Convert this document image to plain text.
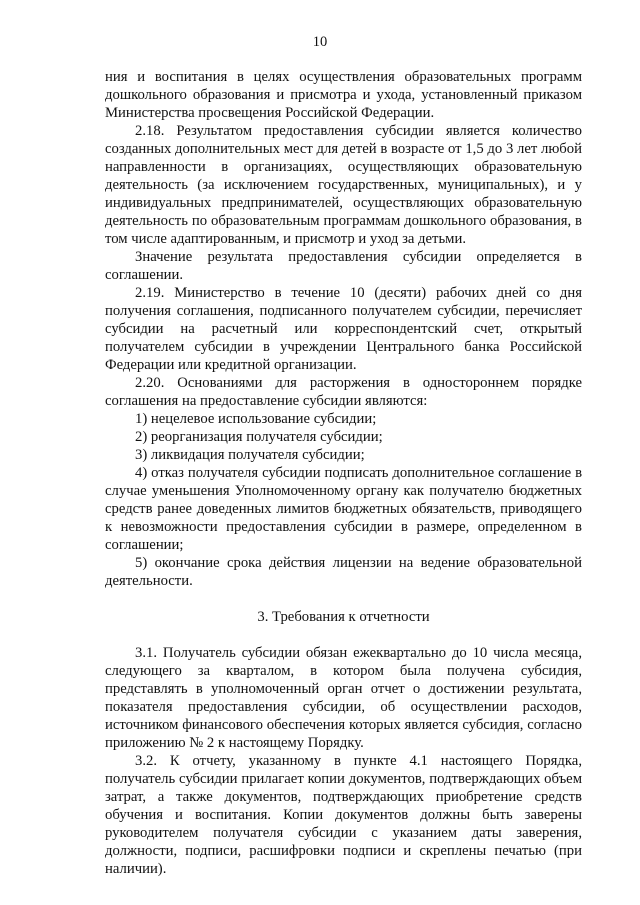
10

ния и воспитания в целях осуществления образовательных программ дошкольного образования и присмотра и ухода, установленный приказом Министерства просвещения Российской Федерации.

2.18. Результатом предоставления субсидии является количество созданных дополнительных мест для детей в возрасте от 1,5 до 3 лет любой направленности в организациях, осуществляющих образовательную деятельность (за исключением государственных, муниципальных), и у индивидуальных предпринимателей, осуществляющих образовательную деятельность по образовательным программам дошкольного образования, в том числе адаптированным, и присмотр и уход за детьми.

Значение результата предоставления субсидии определяется в соглашении.

2.19. Министерство в течение 10 (десяти) рабочих дней со дня получения соглашения, подписанного получателем субсидии, перечисляет субсидии на расчетный или корреспондентский счет, открытый получателем субсидии в учреждении Центрального банка Российской Федерации или кредитной организации.

2.20. Основаниями для расторжения в одностороннем порядке соглашения на предоставление субсидии являются:

1) нецелевое использование субсидии;

2) реорганизация получателя субсидии;

3) ликвидация получателя субсидии;

4) отказ получателя субсидии подписать дополнительное соглашение в случае уменьшения Уполномоченному органу как получателю бюджетных средств ранее доведенных лимитов бюджетных обязательств, приводящего к невозможности предоставления субсидии в размере, определенном в соглашении;

5) окончание срока действия лицензии на ведение образовательной деятельности.

3. Требования к отчетности

3.1. Получатель субсидии обязан ежеквартально до 10 числа месяца, следующего за кварталом, в котором была получена субсидия, представлять в уполномоченный орган отчет о достижении результата, показателя предоставления субсидии, об осуществлении расходов, источником финансового обеспечения которых является субсидия, согласно приложению № 2 к настоящему Порядку.

3.2. К отчету, указанному в пункте 4.1 настоящего Порядка, получатель субсидии прилагает копии документов, подтверждающих объем затрат, а также документов, подтверждающих приобретение средств обучения и воспитания. Копии документов должны быть заверены руководителем получателя субсидии с указанием даты заверения, должности, подписи, расшифровки подписи и скреплены печатью (при наличии).
